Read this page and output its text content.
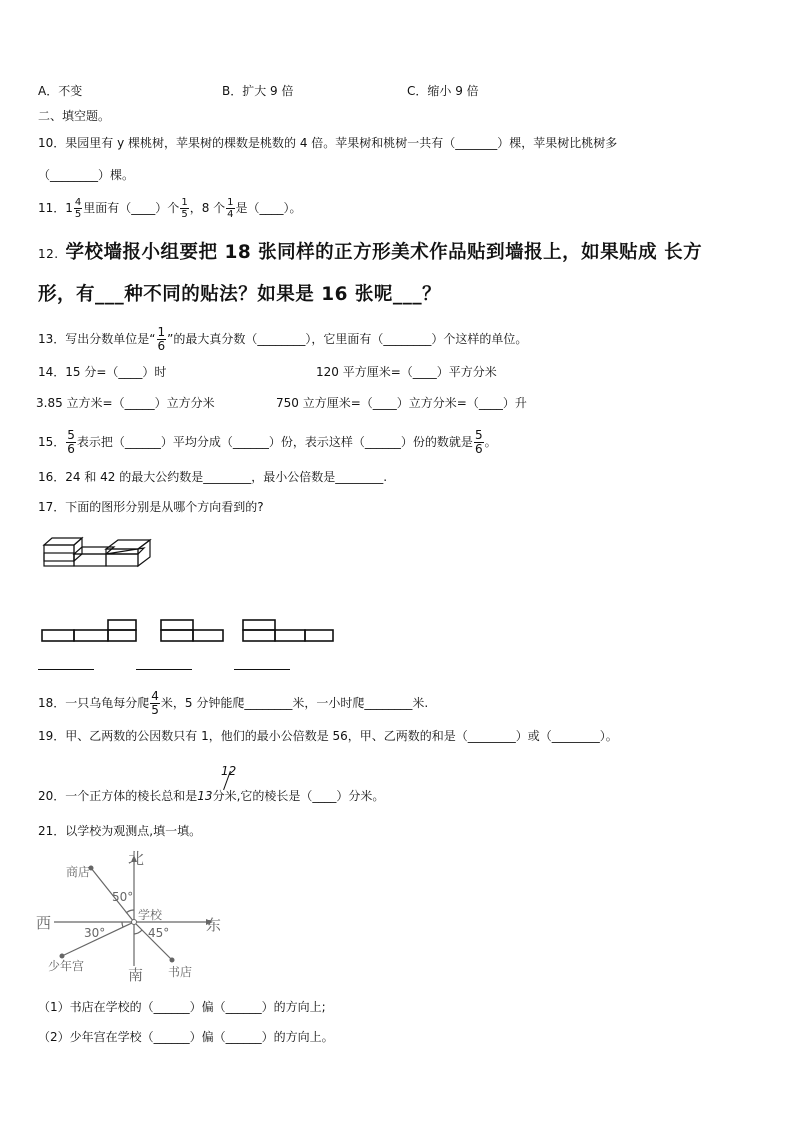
A．不变	B．扩大 9 倍	C．缩小 9 倍
二、填空题。
10．果园里有 y 棵桃树，苹果树的棵数是桃数的 4 倍。苹果树和桃树一共有（_______）棵，苹果树比桃树多
（________）棵。
11．$1 \frac{4}{5}$ 里面有（____）个 $\frac{1}{5}$ ，8 个 $\frac{1}{4}$ 是（____）。
12. 学校墙报小组要把 18 张同样的正方形美术作品贴到墙报上，如果贴成 长方
形，有___种不同的贴法？如果是 16 张呢___？
13．写出分数单位是“ $\frac{1}{6}$ ”的最大真分数（________），它里面有（________）个这样的单位。
14．15 分=（____）时	120 平方厘米=（____）平方分米
3.85 立方米=（_____）立方分米	750 立方厘米=（____）立方分米=（____）升
15． $\frac{5}{6}$ 表示把（______）平均分成（______）份，表示这样（______）份的数就是 $\frac{5}{6}$ 。
16．24 和 42 的最大公约数是________，最小公倍数是________.
17．下面的图形分别是从哪个方向看到的?
18．一只乌龟每分爬 $\frac{4}{5}$ 米，5 分钟能爬________米，一小时爬________米.
19．甲、乙两数的公因数只有 1，他们的最小公倍数是 56，甲、乙两数的和是（________）或（________）。
20．一个正方体的棱长总和是
12
13分米,它的棱长是（____）分米。
21．以学校为观测点,填一填。
北
南
西	东
学校
商店
书店
少年宫
50°
30°	45°
（1）书店在学校的（______）偏（______）的方向上;
（2）少年宫在学校（______）偏（______）的方向上。
